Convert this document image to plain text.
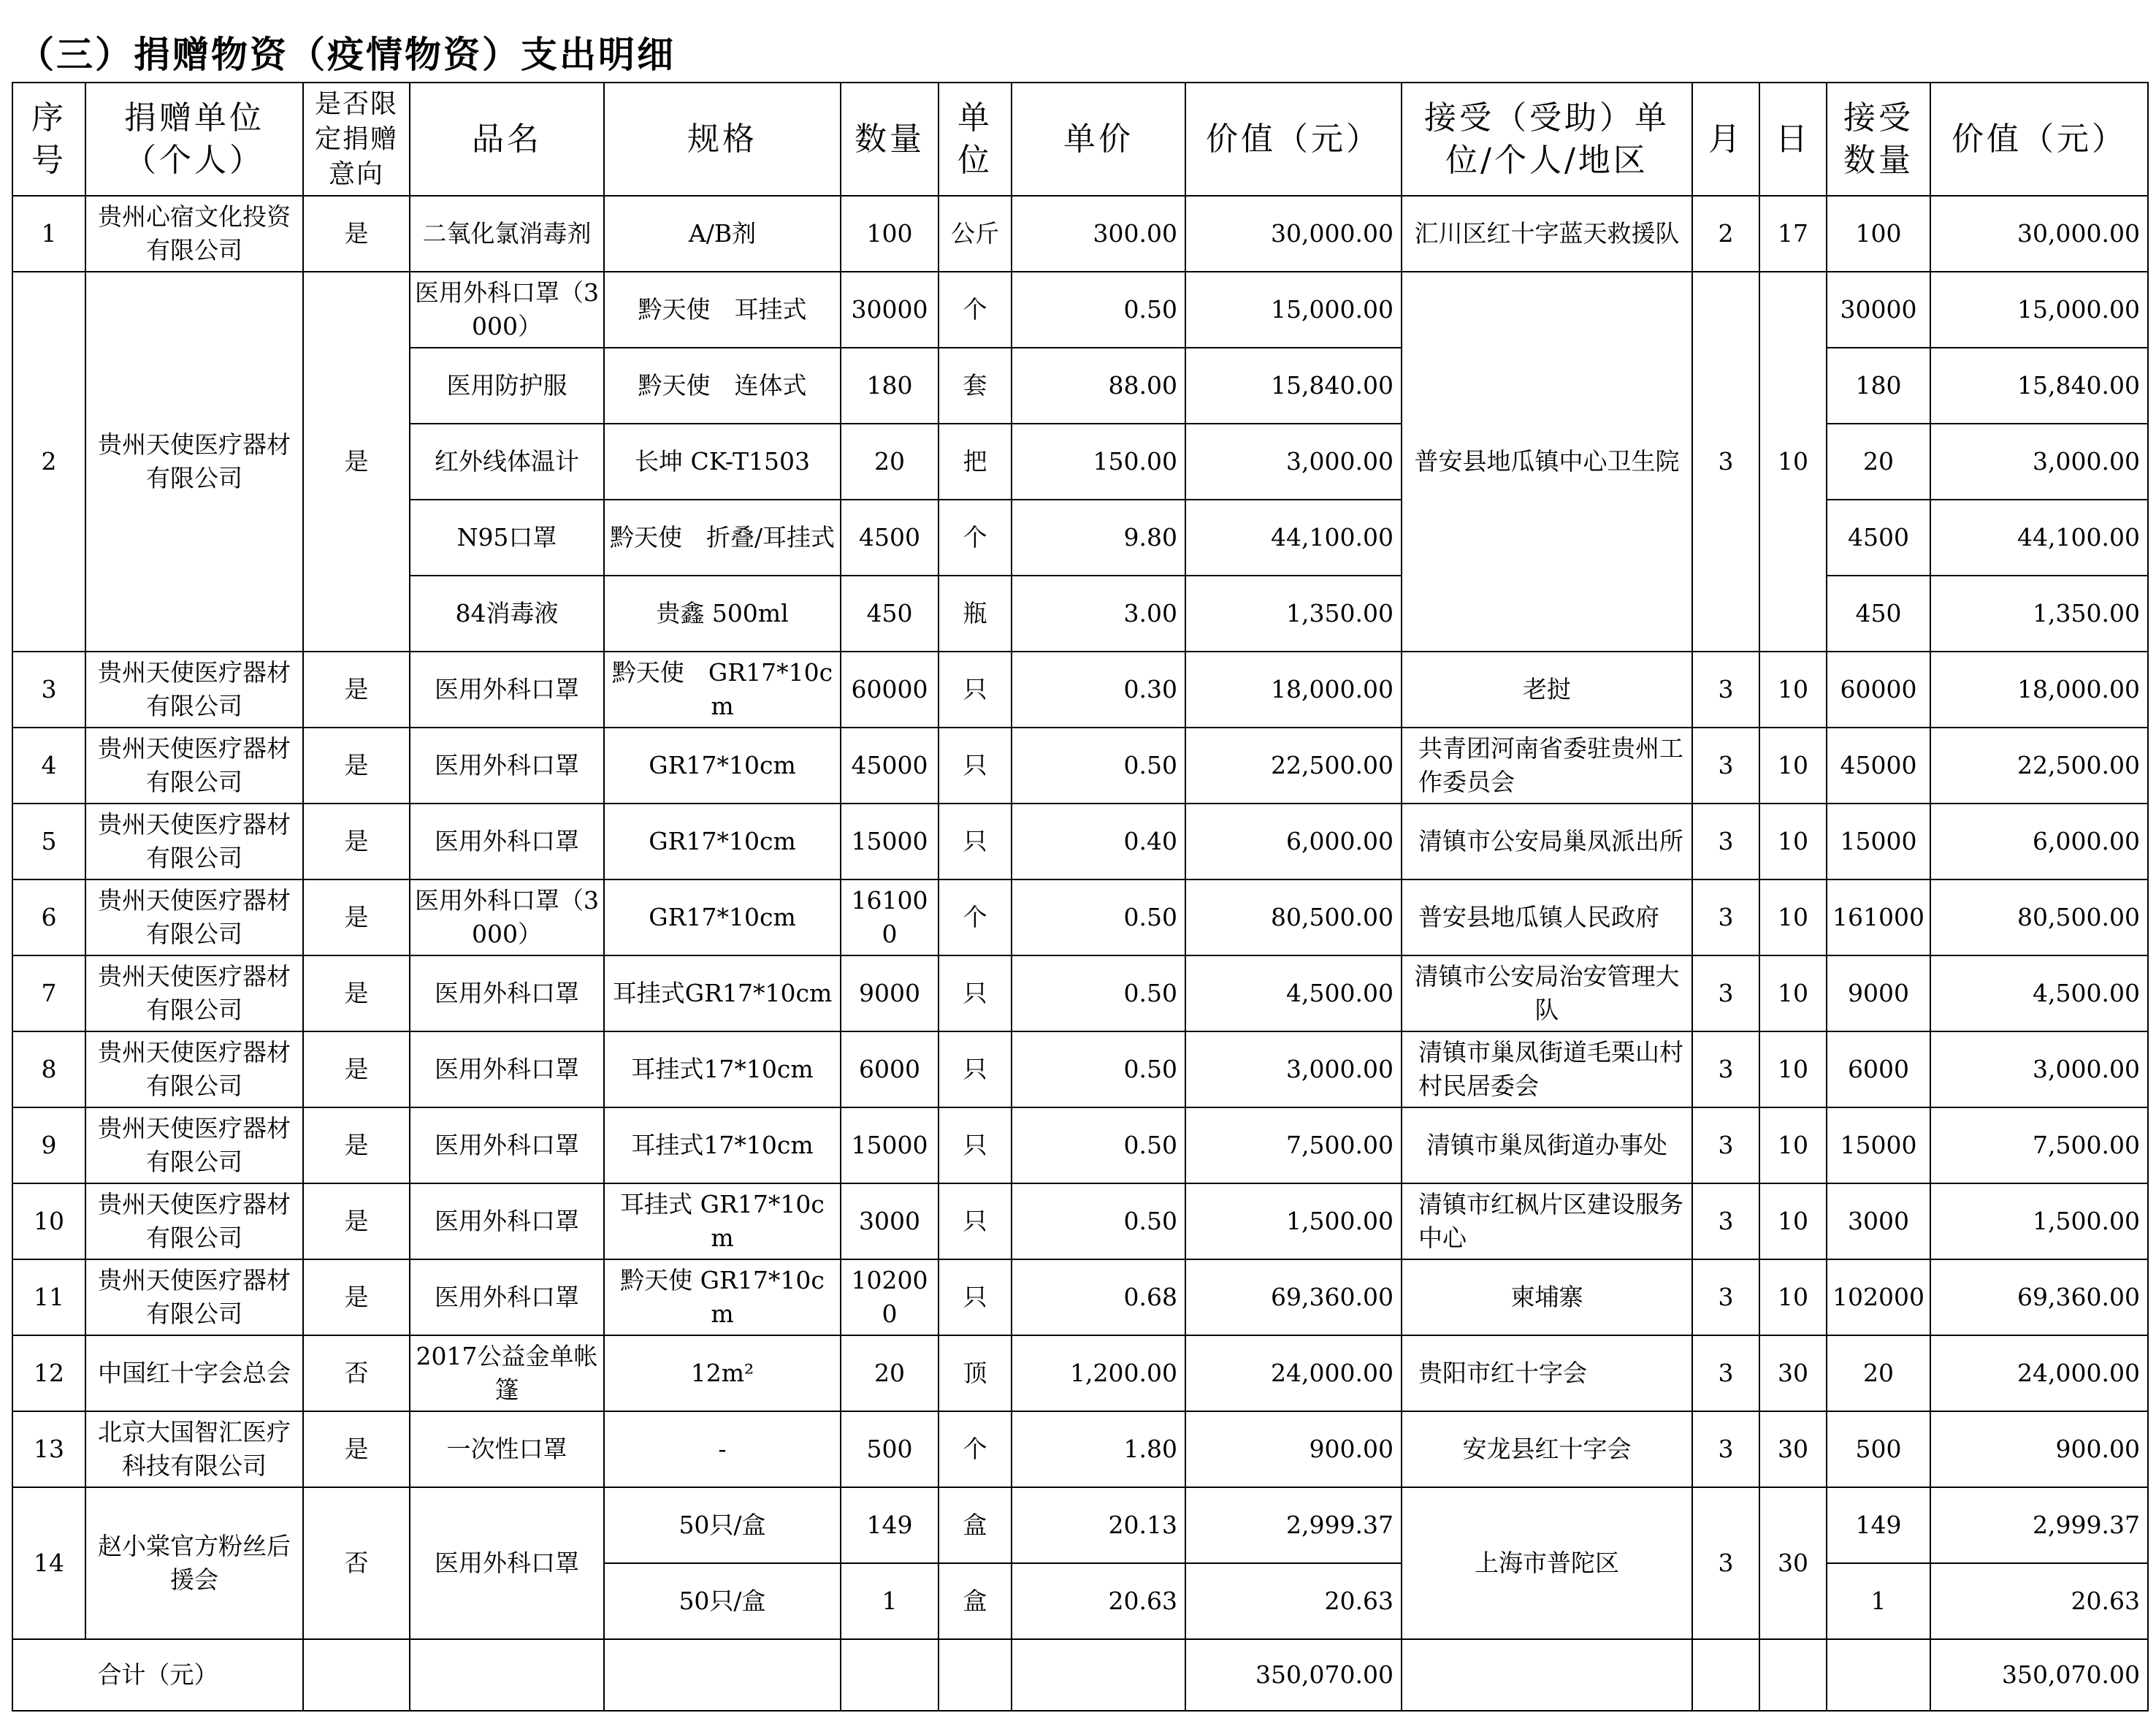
（三）捐赠物资（疫情物资）支出明细
序号	捐赠单位（个人）	是否限定捐赠意向	品名	规格	数量	单位	单价	价值（元）	接受（受助）单位/个人/地区	月	日	接受数量	价值（元）
1	贵州心宿文化投资有限公司	是	二氧化氯消毒剂	A/B剂	100	公斤	300.00	30,000.00	汇川区红十字蓝天救援队	2	17	100	30,000.00
2	贵州天使医疗器材有限公司	是	医用外科口罩（3000）	黔天使　耳挂式	30000	个	0.50	15,000.00	普安县地瓜镇中心卫生院	3	10	30000	15,000.00
			医用防护服	黔天使　连体式	180	套	88.00	15,840.00				180	15,840.00
			红外线体温计	长坤 CK-T1503	20	把	150.00	3,000.00				20	3,000.00
			N95口罩	黔天使　折叠/耳挂式	4500	个	9.80	44,100.00				4500	44,100.00
			84消毒液	贵鑫 500ml	450	瓶	3.00	1,350.00				450	1,350.00
3	贵州天使医疗器材有限公司	是	医用外科口罩	黔天使　GR17*10cm	60000	只	0.30	18,000.00	老挝	3	10	60000	18,000.00
4	贵州天使医疗器材有限公司	是	医用外科口罩	GR17*10cm	45000	只	0.50	22,500.00	共青团河南省委驻贵州工作委员会	3	10	45000	22,500.00
5	贵州天使医疗器材有限公司	是	医用外科口罩	GR17*10cm	15000	只	0.40	6,000.00	清镇市公安局巢凤派出所	3	10	15000	6,000.00
6	贵州天使医疗器材有限公司	是	医用外科口罩（3000）	GR17*10cm	161000	个	0.50	80,500.00	普安县地瓜镇人民政府	3	10	161000	80,500.00
7	贵州天使医疗器材有限公司	是	医用外科口罩	耳挂式GR17*10cm	9000	只	0.50	4,500.00	清镇市公安局治安管理大队	3	10	9000	4,500.00
8	贵州天使医疗器材有限公司	是	医用外科口罩	耳挂式17*10cm	6000	只	0.50	3,000.00	清镇市巢凤街道毛栗山村村民居委会	3	10	6000	3,000.00
9	贵州天使医疗器材有限公司	是	医用外科口罩	耳挂式17*10cm	15000	只	0.50	7,500.00	清镇市巢凤街道办事处	3	10	15000	7,500.00
10	贵州天使医疗器材有限公司	是	医用外科口罩	耳挂式 GR17*10cm	3000	只	0.50	1,500.00	清镇市红枫片区建设服务中心	3	10	3000	1,500.00
11	贵州天使医疗器材有限公司	是	医用外科口罩	黔天使 GR17*10cm	102000	只	0.68	69,360.00	柬埔寨	3	10	102000	69,360.00
12	中国红十字会总会	否	2017公益金单帐篷	12m²	20	顶	1,200.00	24,000.00	贵阳市红十字会	3	30	20	24,000.00
13	北京大国智汇医疗科技有限公司	是	一次性口罩	-	500	个	1.80	900.00	安龙县红十字会	3	30	500	900.00
14	赵小棠官方粉丝后援会	否	医用外科口罩	50只/盒	149	盒	20.13	2,999.37	上海市普陀区	3	30	149	2,999.37
				50只/盒	1	盒	20.63	20.63				1	20.63
合计（元）								350,070.00					350,070.00
